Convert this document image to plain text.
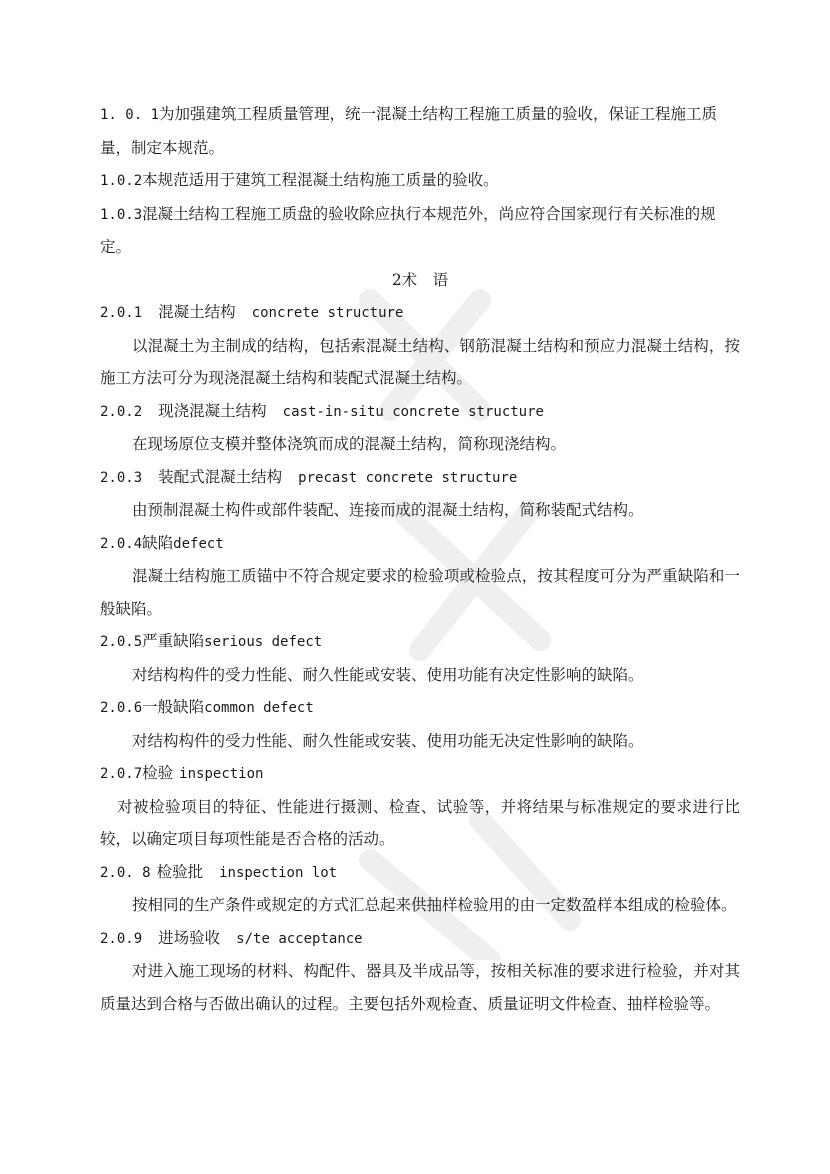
1. 0. 1为加强建筑工程质量管理，统一混凝土结构工程施工质量的验收，保证工程施工质量，制定本规范。

1.0.2本规范适用于建筑工程混凝土结构施工质量的验收。

1.0.3混凝土结构工程施工质盘的验收除应执行本规范外，尚应符合国家现行有关标准的规定。

2术　语

2.0.1 混凝土结构 concrete structure

以混凝土为主制成的结构，包括索混凝土结构、钢筋混凝土结构和预应力混凝土结构，按施工方法可分为现浇混凝土结构和装配式混凝土结构。

2.0.2 现浇混凝土结构 cast-in-situ concrete structure

在现场原位支模并整体浇筑而成的混凝土结构，简称现浇结构。

2.0.3 装配式混凝土结构 precast concrete structure

由预制混凝土构件或部件装配、连接而成的混凝土结构，简称装配式结构。

2.0.4缺陷defect

混凝土结构施工质锚中不符合规定要求的检验项或检验点，按其程度可分为严重缺陷和一般缺陷。

2.0.5严重缺陷serious defect

对结构构件的受力性能、耐久性能或安装、使用功能有决定性影响的缺陷。

2.0.6一般缺陷common defect

对结构构件的受力性能、耐久性能或安装、使用功能无决定性影响的缺陷。

2.0.7检验 inspection

对被检验项目的特征、性能进行摄测、检查、试验等，并将结果与标准规定的要求进行比较，以确定项目每项性能是否合格的活动。

2.0. 8 检验批 inspection lot

按相同的生产条件或规定的方式汇总起来供抽样检验用的由一定数盈样本组成的检验体。

2.0.9 进场验收 s/te acceptance

对进入施工现场的材料、构配件、器具及半成品等，按相关标准的要求进行检验，并对其质量达到合格与否做出确认的过程。主要包括外观检查、质量证明文件检查、抽样检验等。
